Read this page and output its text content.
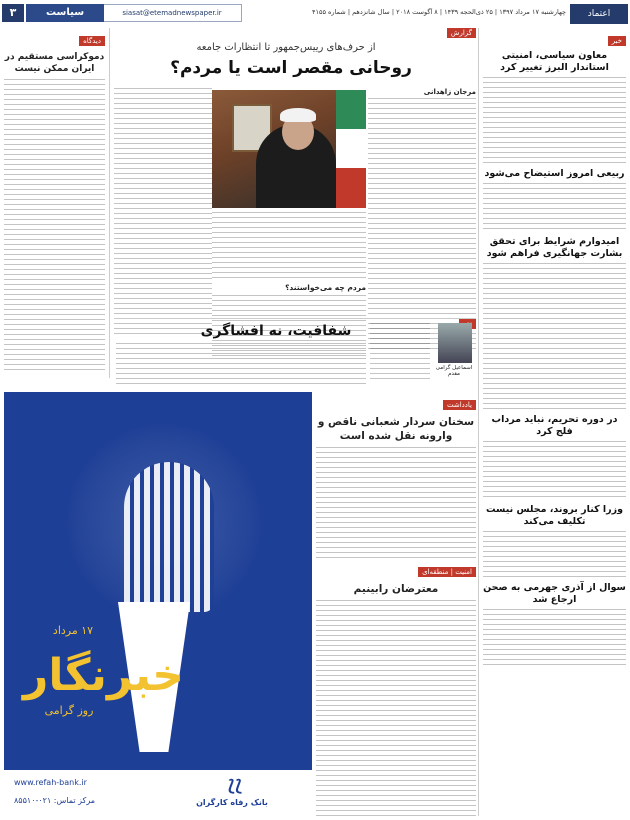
اعتماد
چهارشنبه ۱۷ مرداد ۱۳۹۷ | ۲۵ ذی‌الحجه ۱۴۳۹ | ۸ آگوست ۲۰۱۸ | سال شانزدهم | شماره ۴۱۵۵
siasat@etemadnewspaper.ir
سیاست
۳
خبر
معاون سیاسی، امنیتی استاندار البرز تغییر کرد
ربیعی امروز استیضاح می‌شود
امیدوارم شرایط برای تحقق بشارت جهانگیری فراهم شود
در دوره تحریم، نباید مرداب فلج کرد
وزرا کنار بروند، مجلس نیست تکلیف می‌کند
سوال از آذری جهرمی به صحن ارجاع شد
دیدگاه
دموکراسی مستقیم در ایران ممکن نیست
گزارش
از حرف‌های رییس‌جمهور تا انتظارات جامعه
روحانی مقصر است یا مردم؟
مرجان زاهدانی
مردم چه می‌خواستند؟
اسماعیل گرامی مقدم
شفافیت، نه افشاگری
۱۷ مرداد
خبرنگار
روز گرامی
⟆⟆
بانک رفاه کارگران
www.refah-bank.ir
مرکز تماس: ۰۲۱-۸۵۵۱۰
یادداشت
سخنان سردار شعبانی ناقص و وارونه نقل شده است
امنیت | منطقه‌ای
معترضان رابینیم
